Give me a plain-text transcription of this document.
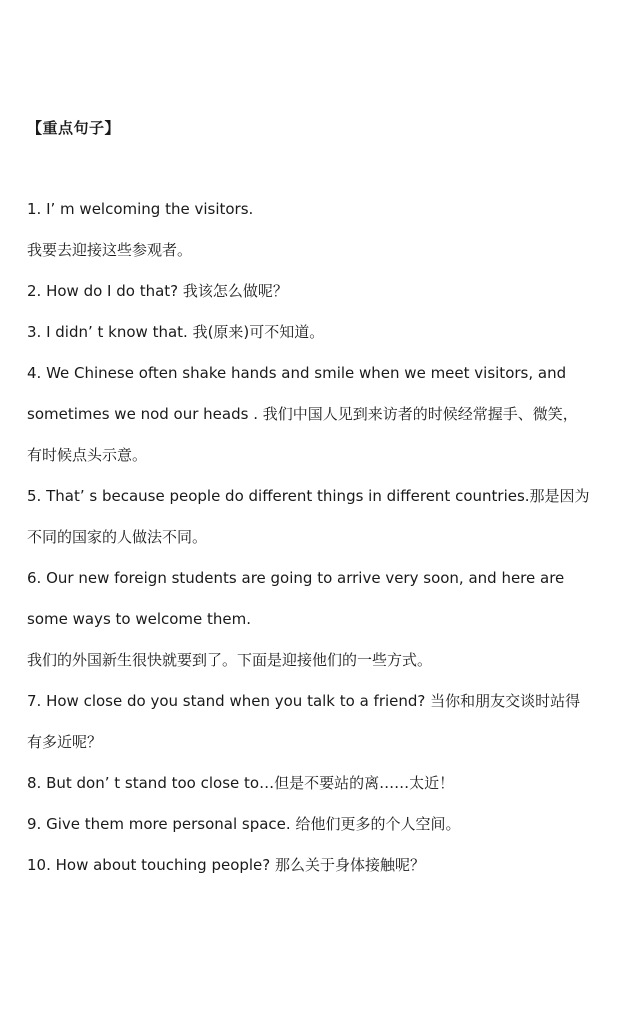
【重点句子】
1. I’ m welcoming the visitors.
我要去迎接这些参观者。
2. How do I do that? 我该怎么做呢？
3. I didn’ t know that. 我(原来)可不知道。
4. We Chinese often shake hands and smile when we meet visitors, and
sometimes we nod our heads . 我们中国人见到来访者的时候经常握手、微笑，
有时候点头示意。
5. That’ s because people do different things in different countries.那是因为
不同的国家的人做法不同。
6. Our new foreign students are going to arrive very soon, and here are
some ways to welcome them.
我们的外国新生很快就要到了。下面是迎接他们的一些方式。
7. How close do you stand when you talk to a friend? 当你和朋友交谈时站得
有多近呢？
8. But don’ t stand too close to…但是不要站的离……太近！
9. Give them more personal space. 给他们更多的个人空间。
10. How about touching people? 那么关于身体接触呢？
